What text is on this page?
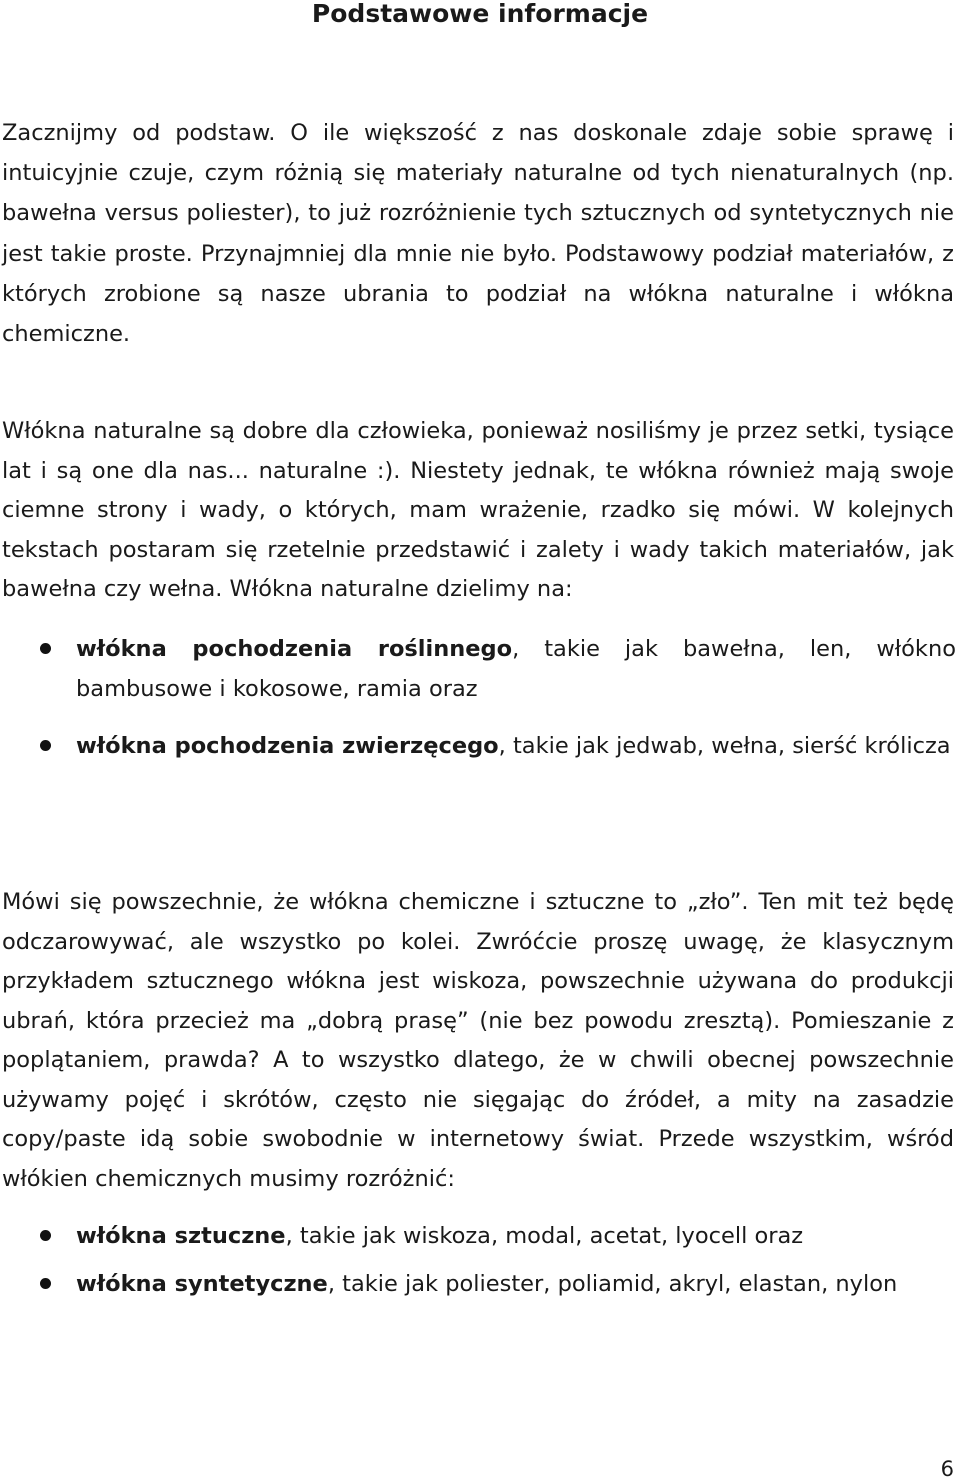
Podstawowe informacje

Zacznijmy od podstaw. O ile większość z nas doskonale zdaje sobie sprawę i intuicyjnie czuje, czym różnią się materiały naturalne od tych nienaturalnych (np. bawełna versus poliester), to już rozróżnienie tych sztucznych od syntetycznych nie jest takie proste. Przynajmniej dla mnie nie było. Podstawowy podział materiałów, z których zrobione są nasze ubrania to podział na włókna naturalne i włókna chemiczne.

Włókna naturalne są dobre dla człowieka, ponieważ nosiliśmy je przez setki, tysiące lat i są one dla nas... naturalne :). Niestety jednak, te włókna również mają swoje ciemne strony i wady, o których, mam wrażenie, rzadko się mówi. W kolejnych tekstach postaram się rzetelnie przedstawić i zalety i wady takich materiałów, jak bawełna czy wełna. Włókna naturalne dzielimy na:

włókna pochodzenia roślinnego, takie jak bawełna, len, włókno bambusowe i kokosowe, ramia oraz
włókna pochodzenia zwierzęcego, takie jak jedwab, wełna, sierść królicza

Mówi się powszechnie, że włókna chemiczne i sztuczne to „zło”. Ten mit też będę odczarowywać, ale wszystko po kolei. Zwróćcie proszę uwagę, że klasycznym przykładem sztucznego włókna jest wiskoza, powszechnie używana do produkcji ubrań, która przecież ma „dobrą prasę” (nie bez powodu zresztą). Pomieszanie z poplątaniem, prawda? A to wszystko dlatego, że w chwili obecnej powszechnie używamy pojęć i skrótów, często nie sięgając do źródeł, a mity na zasadzie copy/paste idą sobie swobodnie w internetowy świat. Przede wszystkim, wśród włókien chemicznych musimy rozróżnić:

włókna sztuczne, takie jak wiskoza, modal, acetat, lyocell oraz
włókna syntetyczne, takie jak poliester, poliamid, akryl, elastan, nylon

6
